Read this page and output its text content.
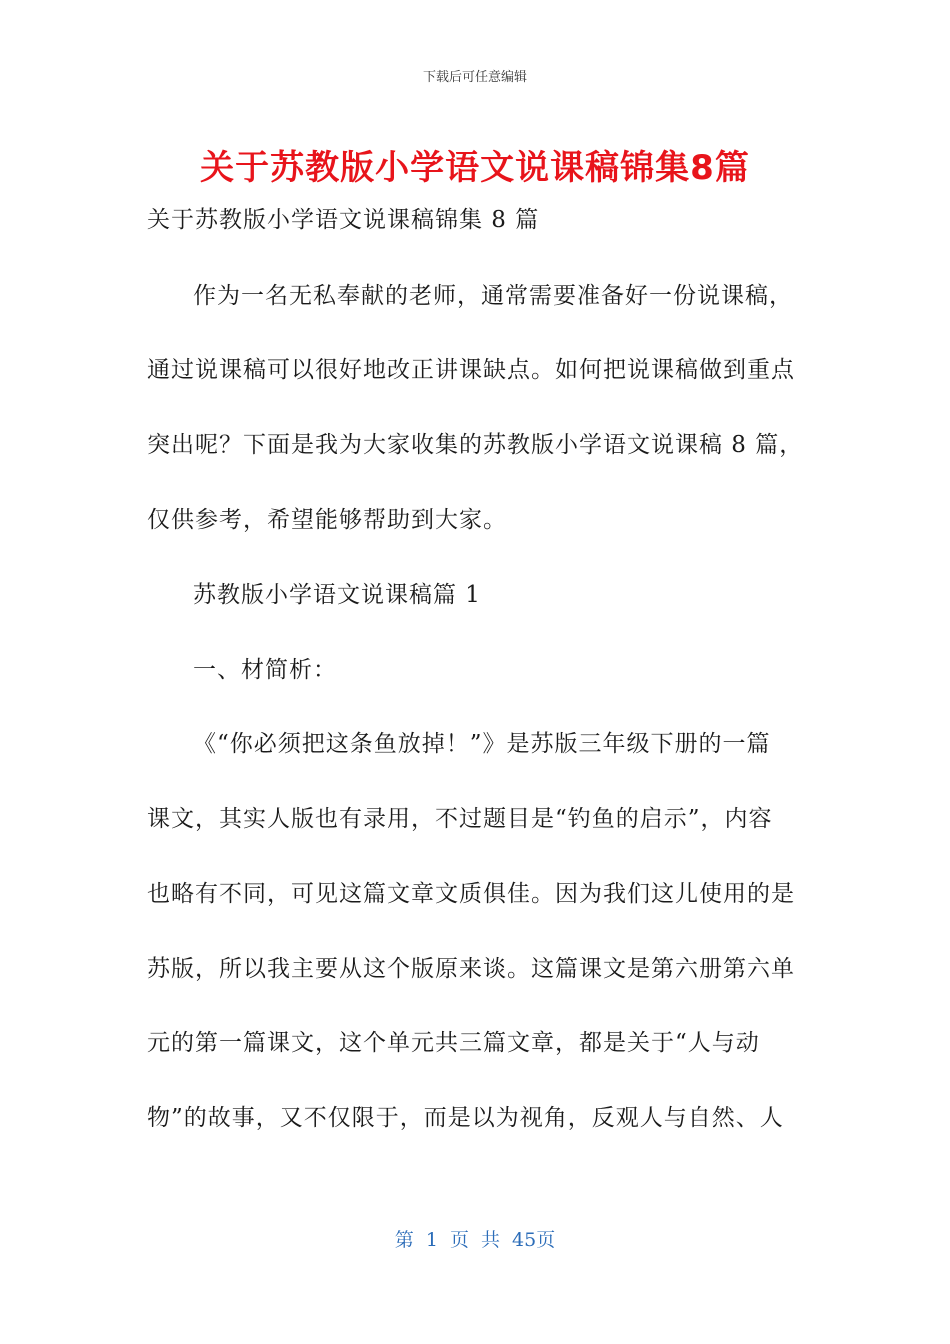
下载后可任意编辑
关于苏教版小学语文说课稿锦集8篇
关于苏教版小学语文说课稿锦集 8 篇
作为一名无私奉献的老师，通常需要准备好一份说课稿，
通过说课稿可以很好地改正讲课缺点。如何把说课稿做到重点
突出呢？下面是我为大家收集的苏教版小学语文说课稿 8 篇，
仅供参考，希望能够帮助到大家。
苏教版小学语文说课稿篇 1
一、材简析：
《“你必须把这条鱼放掉！”》是苏版三年级下册的一篇
课文，其实人版也有录用，不过题目是“钓鱼的启示”，内容
也略有不同，可见这篇文章文质俱佳。因为我们这儿使用的是
苏版，所以我主要从这个版原来谈。这篇课文是第六册第六单
元的第一篇课文，这个单元共三篇文章，都是关于“人与动
物”的故事，又不仅限于，而是以为视角，反观人与自然、人
第 1 页 共 45页
